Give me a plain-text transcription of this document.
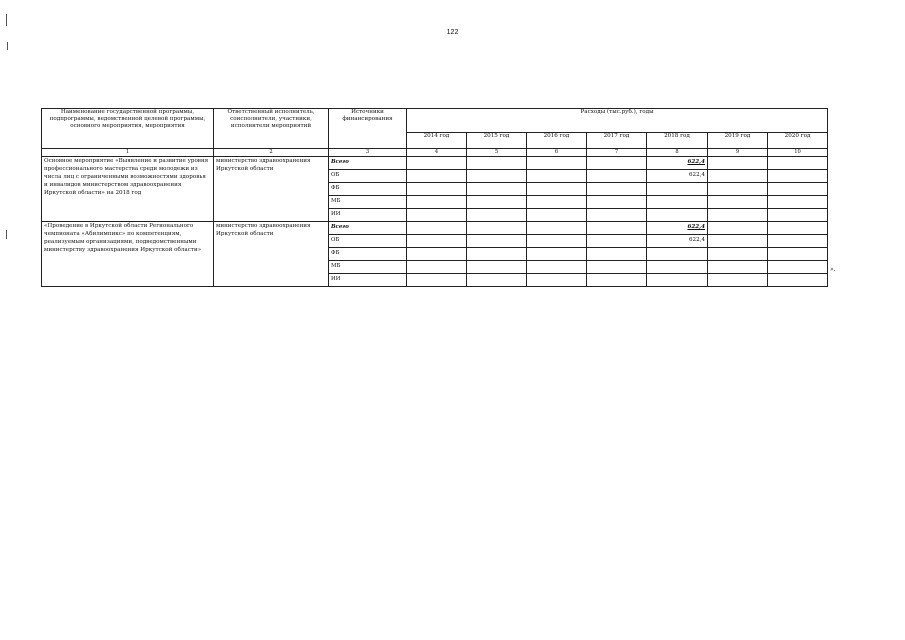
122
Наименование государственной программы, подпрограммы, ведомственной целевой программы, основного мероприятия, мероприятия	Ответственный исполнитель, соисполнители, участники, исполнители мероприятий	Источники финансирования	Расходы (тыс.руб.), годы						
			2014 год	2015 год	2016 год	2017 год	2018 год	2019 год	2020 год
1	2	3	4	5	6	7	8	9	10
Основное мероприятие «Выявление и развитие уровня профессионального мастерства среди молодежи из числа лиц с ограниченными возможностями здоровья и инвалидов министерством здравоохранения Иркутской области» на 2018 год	министерство здравоохранения Иркутской области	Всего					622,4		
		ОБ					622,4		
		ФБ							
		МБ							
		ИИ							
«Проведение в Иркутской области Регионального чемпионата «Абилимпикс» по компетенциям, реализуемым организациями, подведомственными министерству здравоохранения Иркутской области»	министерство здравоохранения Иркутской области	Всего					622,4		
		ОБ					622,4		
		ФБ							
		МБ							
		ИИ							
».
